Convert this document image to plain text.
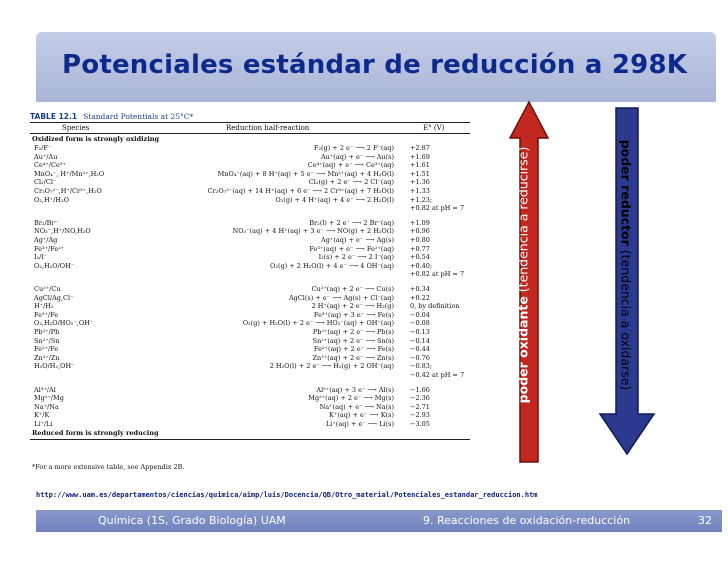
Potenciales estándar de reducción a 298K
TABLE 12.1 Standard Potentials at 25°C*
Species	Reduction half-reaction	E° (V)
Oxidized form is strongly oxidizing
F₂/F⁻	F₂(g) + 2 e⁻ ⟶ 2 F⁻(aq) +2.87
Au⁺/Au	Au⁺(aq) + e⁻ ⟶ Au(s) +1.69
Ce⁴⁺/Ce³⁺	Ce⁴⁺(aq) + e⁻ ⟶ Ce³⁺(aq) +1.61
MnO₄⁻, H⁺/Mn²⁺,H₂O	MnO₄⁻(aq) + 8 H⁺(aq) + 5 e⁻ ⟶ Mn²⁺(aq) + 4 H₂O(l) +1.51
Cl₂/Cl⁻	Cl₂(g) + 2 e⁻ ⟶ 2 Cl⁻(aq) +1.36
Cr₂O₇²⁻,H⁺/Cr³⁺,H₂O	Cr₂O₇²⁻(aq) + 14 H⁺(aq) + 6 e⁻ ⟶ 2 Cr³⁺(aq) + 7 H₂O(l) +1.33
O₂,H⁺/H₂O	O₂(g) + 4 H⁺(aq) + 4 e⁻ ⟶ 2 H₂O(l) +1.23;
+0.82 at pH = 7
Br₂/Br⁻	Br₂(l) + 2 e⁻ ⟶ 2 Br⁻(aq) +1.09
NO₃⁻,H⁺/NO,H₂O	NO₃⁻(aq) + 4 H⁺(aq) + 3 e⁻ ⟶ NO(g) + 2 H₂O(l) +0.96
Ag⁺/Ag	Ag⁺(aq) + e⁻ ⟶ Ag(s) +0.80
Fe³⁺/Fe²⁺	Fe³⁺(aq) + e⁻ ⟶ Fe²⁺(aq) +0.77
I₂/I⁻	I₂(s) + 2 e⁻ ⟶ 2 I⁻(aq) +0.54
O₂,H₂O/OH⁻	O₂(g) + 2 H₂O(l) + 4 e⁻ ⟶ 4 OH⁻(aq) +0.40;
+0.82 at pH = 7
Cu²⁺/Cu	Cu²⁺(aq) + 2 e⁻ ⟶ Cu(s) +0.34
AgCl/Ag,Cl⁻	AgCl(s) + e⁻ ⟶ Ag(s) + Cl⁻(aq) +0.22
H⁺/H₂	2 H⁺(aq) + 2 e⁻ ⟶ H₂(g) 0, by definition
Fe³⁺/Fe	Fe³⁺(aq) + 3 e⁻ ⟶ Fe(s) −0.04
O₂,H₂O/HO₂⁻,OH⁻	O₂(g) + H₂O(l) + 2 e⁻ ⟶ HO₂⁻(aq) + OH⁻(aq) −0.08
Pb²⁺/Pb	Pb²⁺(aq) + 2 e⁻ ⟶ Pb(s) −0.13
Sn²⁺/Sn	Sn²⁺(aq) + 2 e⁻ ⟶ Sn(s) −0.14
Fe²⁺/Fe	Fe²⁺(aq) + 2 e⁻ ⟶ Fe(s) −0.44
Zn²⁺/Zn	Zn²⁺(aq) + 2 e⁻ ⟶ Zn(s) −0.76
H₂O/H₂,OH⁻	2 H₂O(l) + 2 e⁻ ⟶ H₂(g) + 2 OH⁻(aq) −0.83;
−0.42 at pH = 7
Al³⁺/Al	Al³⁺(aq) + 3 e⁻ ⟶ Al(s) −1.66
Mg²⁺/Mg	Mg²⁺(aq) + 2 e⁻ ⟶ Mg(s) −2.36
Na⁺/Na	Na⁺(aq) + e⁻ ⟶ Na(s) −2.71
K⁺/K	K⁺(aq) + e⁻ ⟶ K(s) −2.93
Li⁺/Li	Li⁺(aq) + e⁻ ⟶ Li(s) −3.05
Reduced form is strongly reducing
*For a more extensive table, see Appendix 2B.
poder oxidante (tendencia a reducirse)	poder reductor (tendencia a oxidarse)
http://www.uam.es/departamentos/ciencias/quimica/aimp/luis/Docencia/QB/Otro_material/Potenciales_estandar_reduccion.htm
Química (1S, Grado Biología) UAM	9. Reacciones de oxidación-reducción	32
